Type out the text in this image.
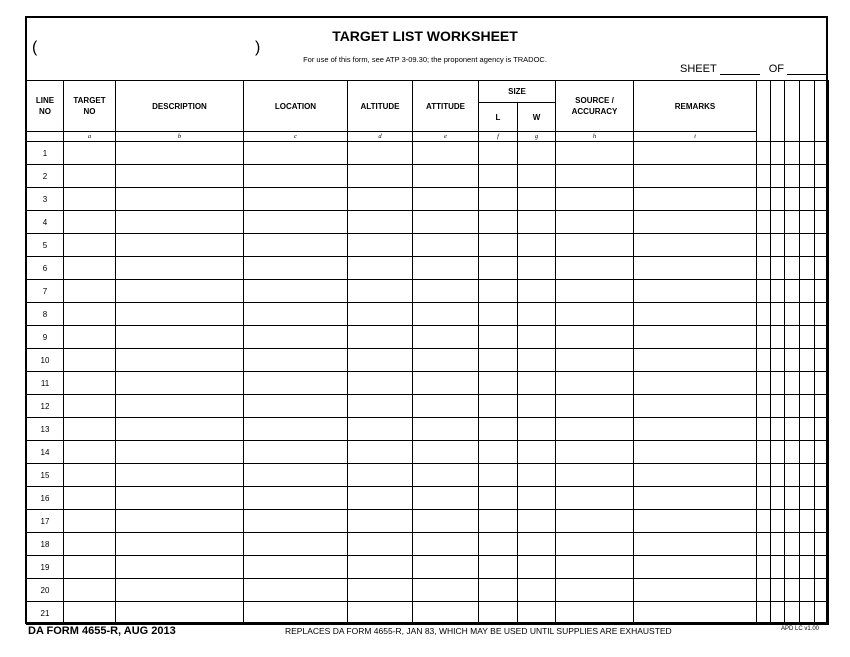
(	)
TARGET LIST WORKSHEET
For use of this form, see ATP 3-09.30; the proponent agency is TRADOC.
SHEET	OF
LINE NO	TARGET NO	DESCRIPTION	LOCATION	ALTITUDE	ATTITUDE	SIZE		SOURCE / ACCURACY	REMARKS					
						L	W							
	a	b	c	d	e	f	g	h	i					
1														
2														
3														
4														
5														
6														
7														
8														
9														
10														
11														
12														
13														
14														
15														
16														
17														
18														
19														
20														
21														
DA FORM 4655-R, AUG 2013	REPLACES DA FORM 4655-R, JAN 83, WHICH MAY BE USED UNTIL SUPPLIES ARE EXHAUSTED	APD LC v1.00
